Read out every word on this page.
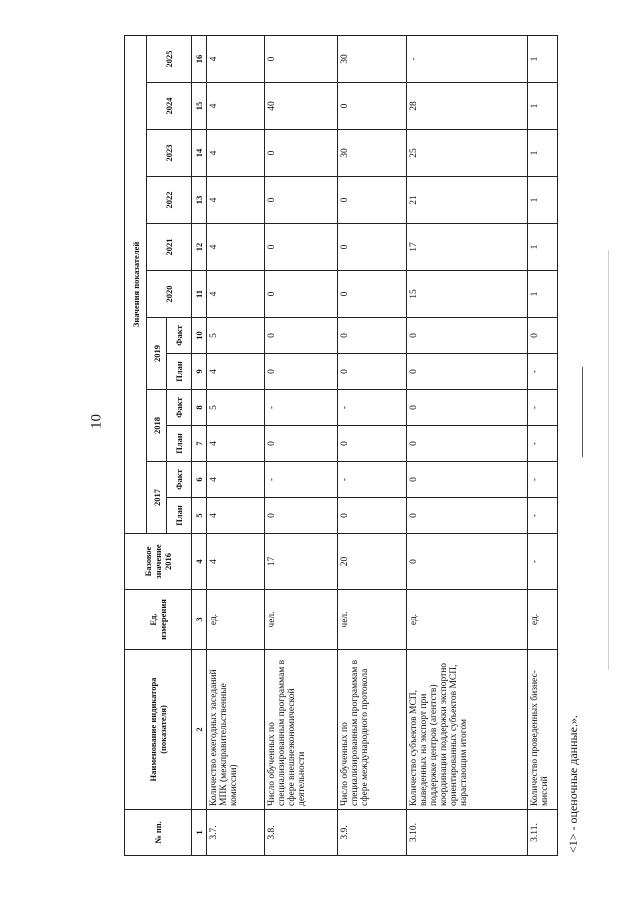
10
№ пп.	Наименование индикатора (показателя)	Ед. измерения	Базовое значение 2016	Значения показателей											
				2017		2018		2019		2020	2021	2022	2023	2024	2025
				План	Факт	План	Факт	План	Факт						
1	2	3	4	5	6	7	8	9	10	11	12	13	14	15	16
3.7.	Количество ежегодных заседаний МПК (межправительственные комиссии)	ед.	4	4	4	4	5	4	5	4	4	4	4	4	4
3.8.	Число обученных по специализированным программам в сфере внешнеэкономической деятельности	чел.	17	0	-	0	-	0	0	0	0	0	0	40	0
3.9.	Число обученных по специализированным программам в сфере международного протокола	чел.	20	0	-	0	-	0	0	0	0	0	30	0	30
3.10.	Количество субъектов МСП, выведенных на экспорт при поддержке центров (агентств) координации поддержки экспортно ориентированных субъектов МСП, нарастающим итогом	ед.	0	0	0	0	0	0	0	15	17	21	25	28	-
3.11.	Количество проведенных бизнес-миссий	ед.	-	-	-	-	-	-	0	1	1	1	1	1	1
<1> - оценочные данные.».
